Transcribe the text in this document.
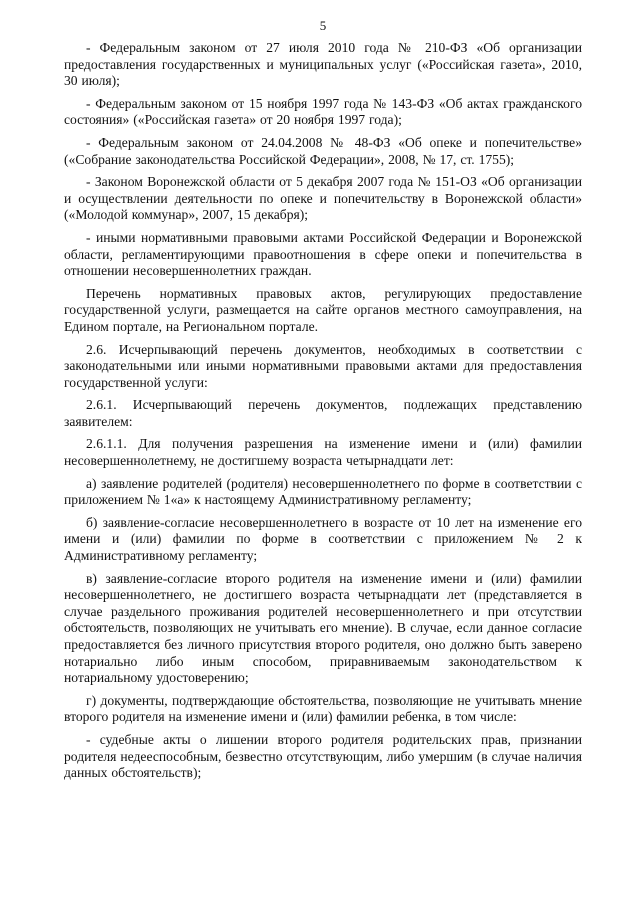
5

- Федеральным законом от 27 июля 2010 года № 210-ФЗ «Об организации предоставления государственных и муниципальных услуг («Российская газета», 2010, 30 июля);

- Федеральным законом от 15 ноября 1997 года № 143-ФЗ «Об актах гражданского состояния» («Российская газета» от 20 ноября 1997 года);

- Федеральным законом от 24.04.2008 № 48-ФЗ «Об опеке и попечительстве» («Собрание законодательства Российской Федерации», 2008, № 17, ст. 1755);

- Законом Воронежской области от 5 декабря 2007 года № 151-ОЗ «Об организации и осуществлении деятельности по опеке и попечительству в Воронежской области» («Молодой коммунар», 2007, 15 декабря);

- иными нормативными правовыми актами Российской Федерации и Воронежской области, регламентирующими правоотношения в сфере опеки и попечительства в отношении несовершеннолетних граждан.

Перечень нормативных правовых актов, регулирующих предоставление государственной услуги, размещается на сайте органов местного самоуправления, на Едином портале, на Региональном портале.

2.6. Исчерпывающий перечень документов, необходимых в соответствии с законодательными или иными нормативными правовыми актами для предоставления государственной услуги:

2.6.1. Исчерпывающий перечень документов, подлежащих представлению заявителем:

2.6.1.1. Для получения разрешения на изменение имени и (или) фамилии несовершеннолетнему, не достигшему возраста четырнадцати лет:

а) заявление родителей (родителя) несовершеннолетнего по форме в соответствии с приложением № 1«а» к настоящему Административному регламенту;

б) заявление-согласие несовершеннолетнего в возрасте от 10 лет на изменение его имени и (или) фамилии по форме в соответствии с приложением № 2 к Административному регламенту;

в) заявление-согласие второго родителя на изменение имени и (или) фамилии несовершеннолетнего, не достигшего возраста четырнадцати лет (представляется в случае раздельного проживания родителей несовершеннолетнего и при отсутствии обстоятельств, позволяющих не учитывать его мнение). В случае, если данное согласие предоставляется без личного присутствия второго родителя, оно должно быть заверено нотариально либо иным способом, приравниваемым законодательством к нотариальному удостоверению;

г) документы, подтверждающие обстоятельства, позволяющие не учитывать мнение второго родителя на изменение имени и (или) фамилии ребенка, в том числе:

- судебные акты о лишении второго родителя родительских прав, признании родителя недееспособным, безвестно отсутствующим, либо умершим (в случае наличия данных обстоятельств);
